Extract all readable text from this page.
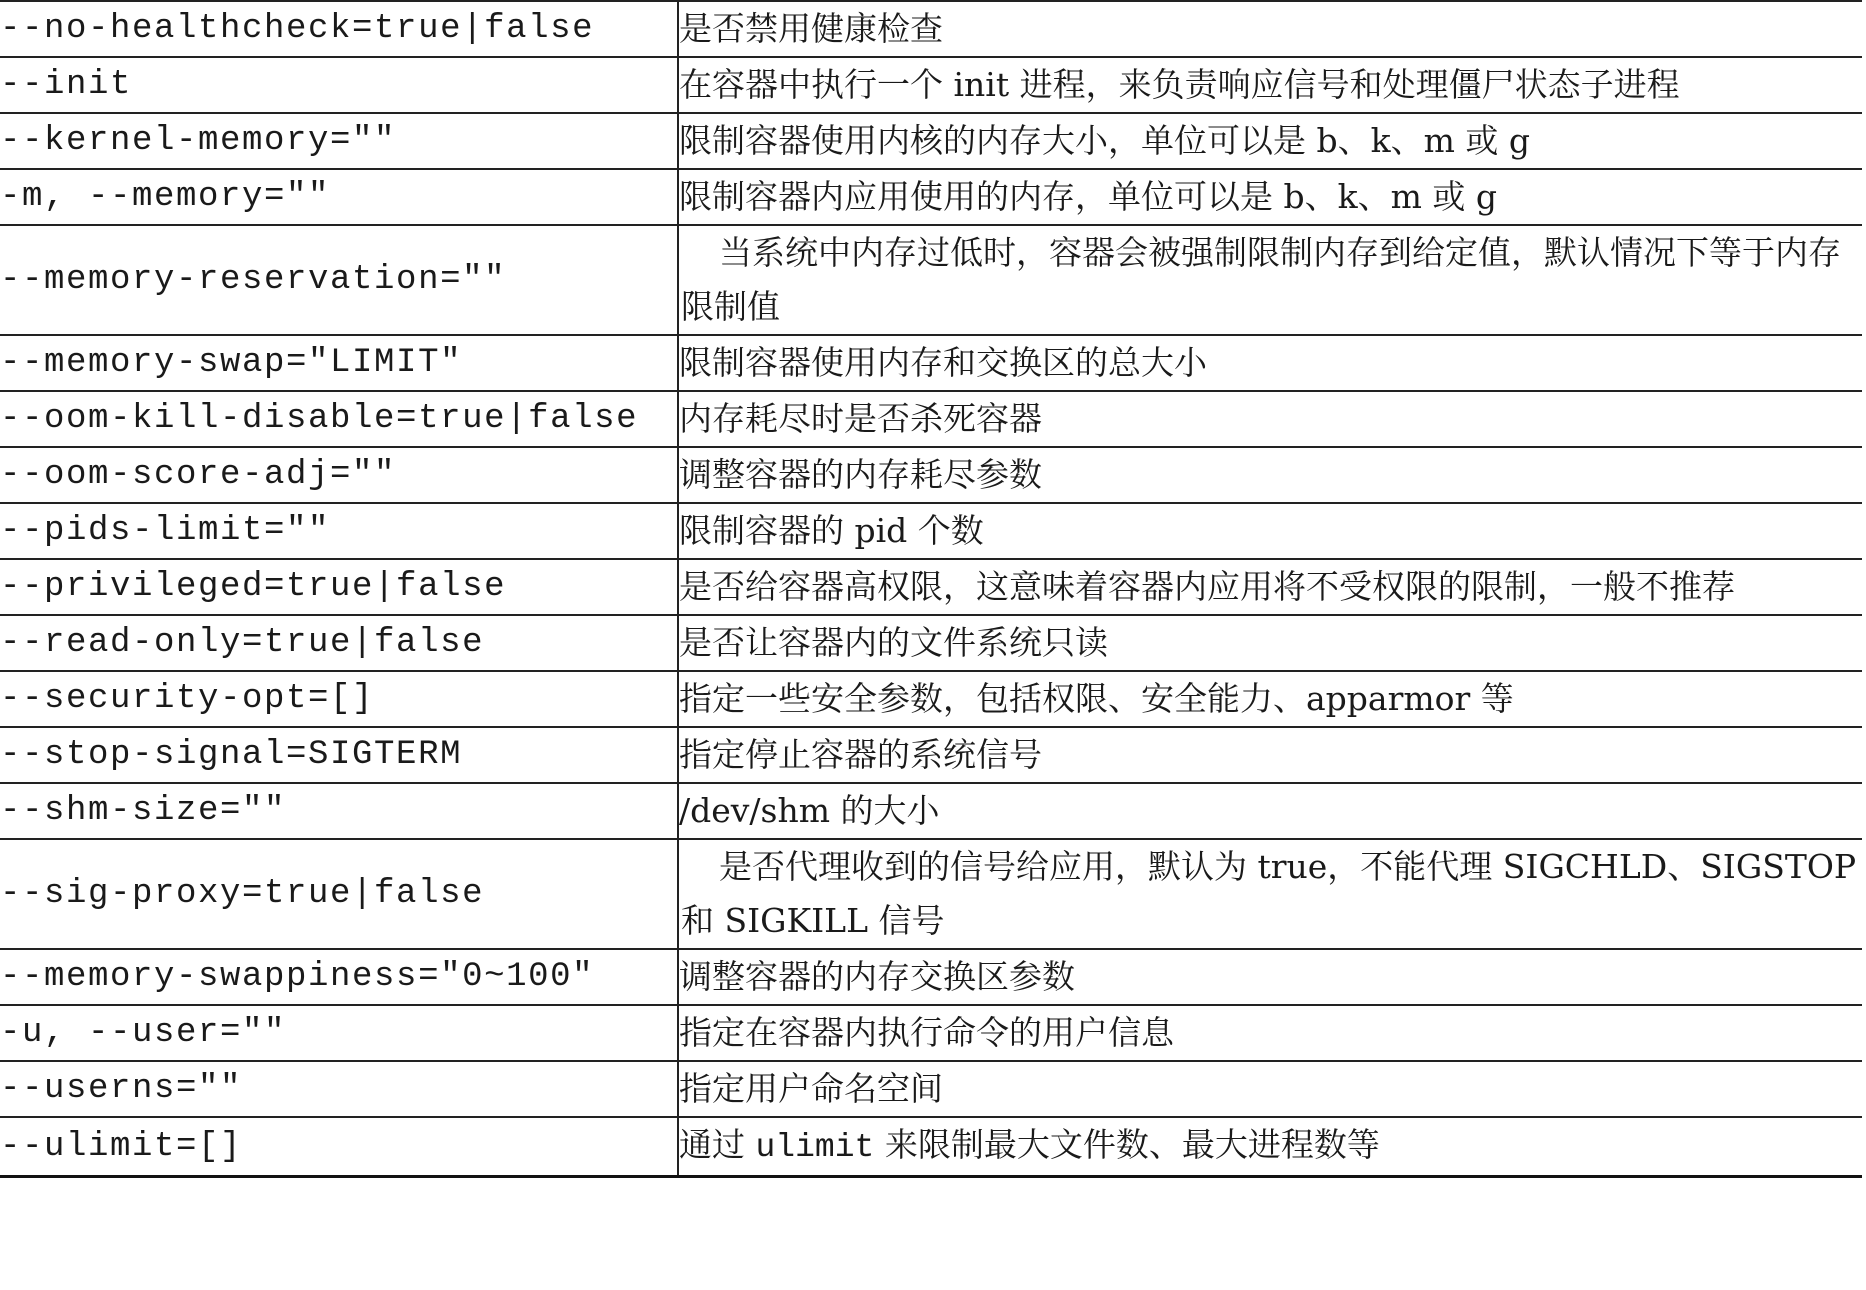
--no-healthcheck=true|false	是否禁用健康检查
--init	在容器中执行一个 init 进程，来负责响应信号和处理僵尸状态子进程
--kernel-memory=""	限制容器使用内核的内存大小，单位可以是 b、k、m 或 g
-m, --memory=""	限制容器内应用使用的内存，单位可以是 b、k、m 或 g
--memory-reservation=""	当系统中内存过低时，容器会被强制限制内存到给定值，默认情况下等于内存限制值
--memory-swap="LIMIT"	限制容器使用内存和交换区的总大小
--oom-kill-disable=true|false	内存耗尽时是否杀死容器
--oom-score-adj=""	调整容器的内存耗尽参数
--pids-limit=""	限制容器的 pid 个数
--privileged=true|false	是否给容器高权限，这意味着容器内应用将不受权限的限制，一般不推荐
--read-only=true|false	是否让容器内的文件系统只读
--security-opt=[]	指定一些安全参数，包括权限、安全能力、apparmor 等
--stop-signal=SIGTERM	指定停止容器的系统信号
--shm-size=""	/dev/shm 的大小
--sig-proxy=true|false	是否代理收到的信号给应用，默认为 true，不能代理 SIGCHLD、SIGSTOP 和 SIGKILL 信号
--memory-swappiness="0~100"	调整容器的内存交换区参数
-u, --user=""	指定在容器内执行命令的用户信息
--userns=""	指定用户命名空间
--ulimit=[]	通过 ulimit 来限制最大文件数、最大进程数等
